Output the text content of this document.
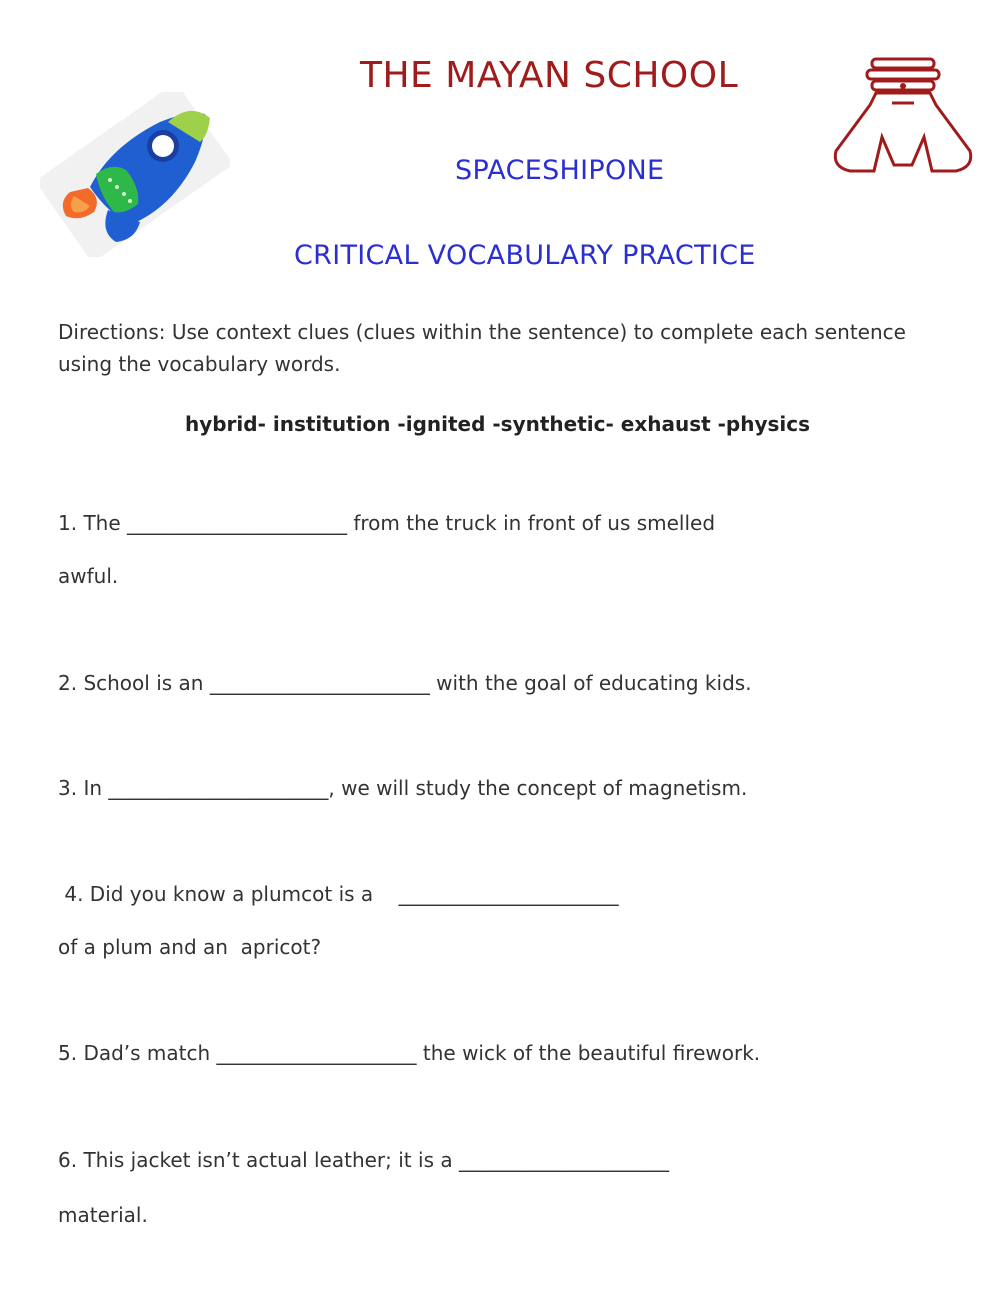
THE MAYAN SCHOOL
SPACESHIPONE
CRITICAL VOCABULARY PRACTICE
Directions: Use context clues (clues within the sentence) to complete each sentence using the vocabulary words.
hybrid- institution -ignited -synthetic- exhaust -physics
1. The ______________________ from the truck in front of us smelled
awful.
2. School is an ______________________ with the goal of educating kids.
3. In ______________________, we will study the concept of magnetism.
4. Did you know a plumcot is a    ______________________
of a plum and an  apricot?
5. Dad’s match ____________________ the wick of the beautiful firework.
6. This jacket isn’t actual leather; it is a _____________________
material.
